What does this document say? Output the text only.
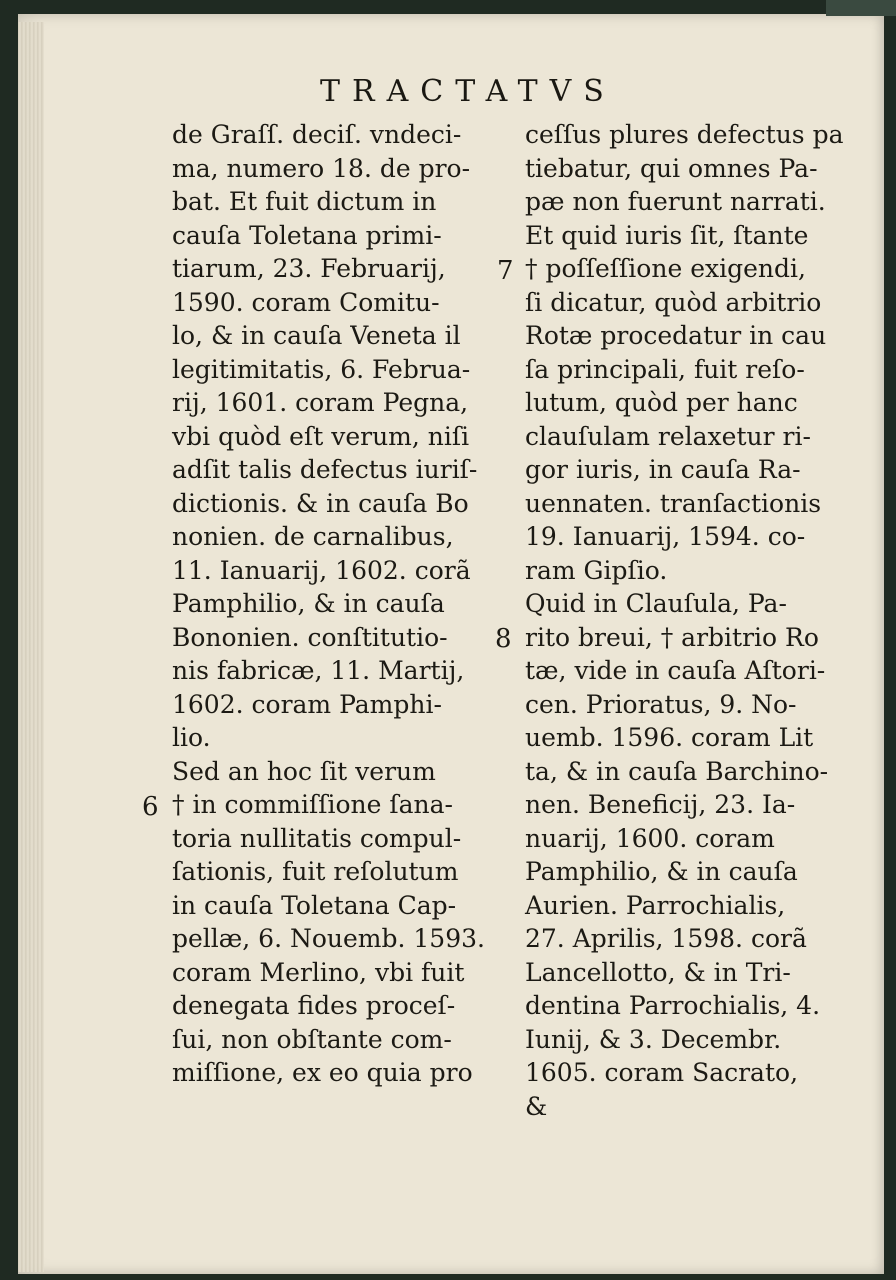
TRACTATVS
de Graſſ. deciſ. vndeci-
ma, numero 18. de pro-
bat. Et fuit dictum in
cauſa Toletana primi-
tiarum, 23. Februarij,
1590. coram Comitu-
lo, & in cauſa Veneta il
legitimitatis, 6. Februa-
rij, 1601. coram Pegna,
vbi quòd eſt verum, niſi
adſit talis defectus iuriſ-
dictionis. & in cauſa Bo
nonien. de carnalibus,
11. Ianuarij, 1602. corã
Pamphilio, & in cauſa
Bononien. conſtitutio-
nis fabricæ, 11. Martij,
1602. coram Pamphi-
lio.
Sed an hoc ſit verum
† in commiſſione ſana-
toria nullitatis compul-
ſationis, fuit reſolutum
in cauſa Toletana Cap-
pellæ, 6. Nouemb. 1593.
coram Merlino, vbi fuit
denegata fides proceſ-
ſui, non obſtante com-
miſſione, ex eo quia pro
ceſſus plures defectus pa
tiebatur, qui omnes Pa-
pæ non fuerunt narrati.
Et quid iuris ſit, ſtante
† poſſeſſione exigendi,
ſi dicatur, quòd arbitrio
Rotæ procedatur in cau
ſa principali, fuit reſo-
lutum, quòd per hanc
clauſulam relaxetur ri-
gor iuris, in cauſa Ra-
uennaten. tranſactionis
19. Ianuarij, 1594. co-
ram Gipſio.
Quid in Clauſula, Pa-
rito breui, † arbitrio Ro
tæ, vide in cauſa Aſtori-
cen. Prioratus, 9. No-
uemb. 1596. coram Lit
ta, & in cauſa Barchino-
nen. Beneficij, 23. Ia-
nuarij, 1600. coram
Pamphilio, & in cauſa
Aurien. Parrochialis,
27. Aprilis, 1598. corã
Lancellotto, & in Tri-
dentina Parrochialis, 4.
Iunij, & 3. Decembr.
1605. coram Sacrato,
&
6
7
8
